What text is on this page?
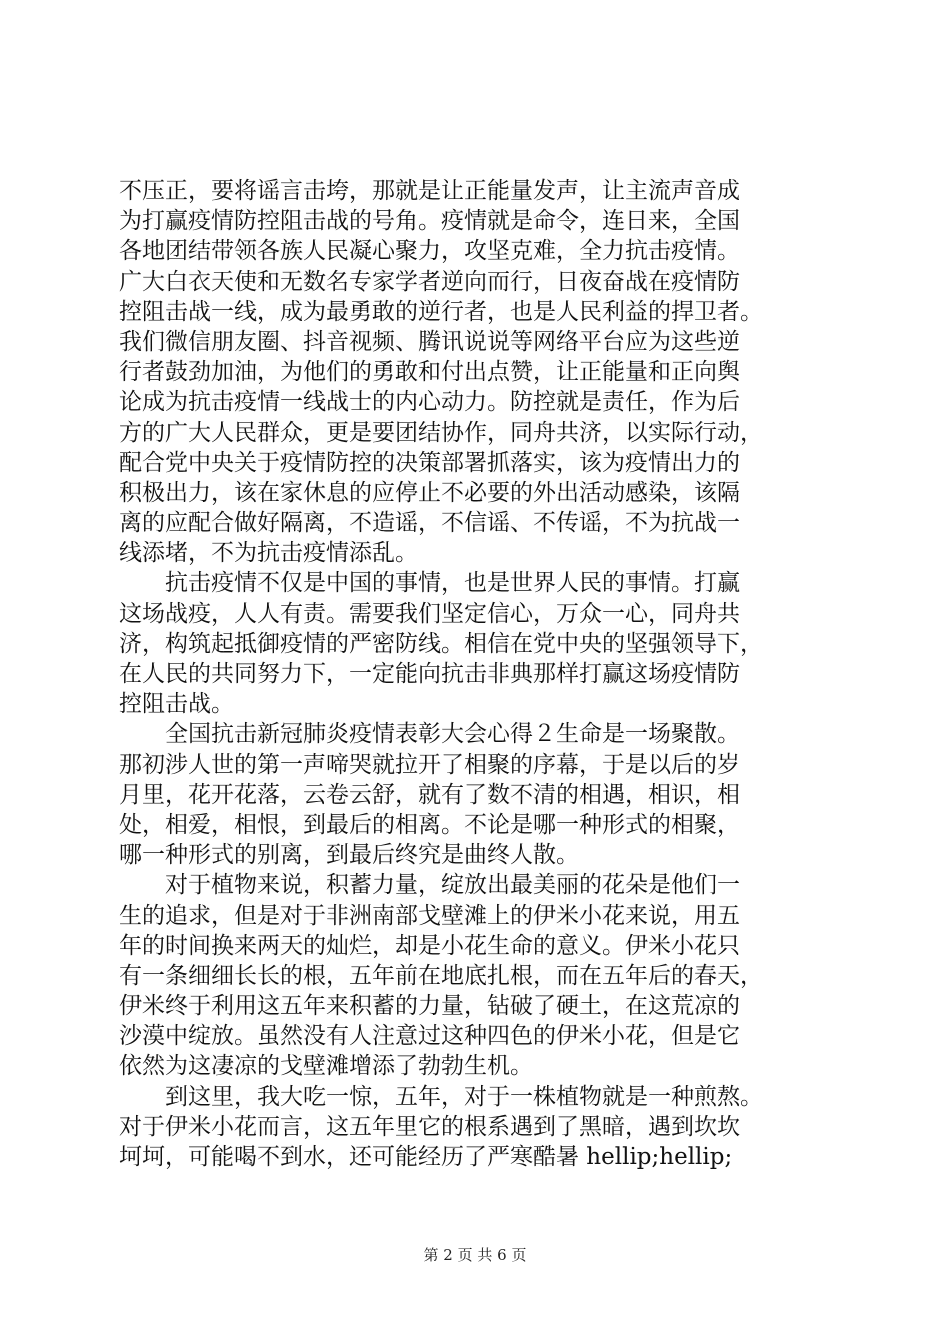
不压正，要将谣言击垮，那就是让正能量发声，让主流声音成
为打赢疫情防控阻击战的号角。疫情就是命令，连日来，全国
各地团结带领各族人民凝心聚力，攻坚克难，全力抗击疫情。
广大白衣天使和无数名专家学者逆向而行，日夜奋战在疫情防
控阻击战一线，成为最勇敢的逆行者，也是人民利益的捍卫者。
我们微信朋友圈、抖音视频、腾讯说说等网络平台应为这些逆
行者鼓劲加油，为他们的勇敢和付出点赞，让正能量和正向舆
论成为抗击疫情一线战士的内心动力。防控就是责任，作为后
方的广大人民群众，更是要团结协作，同舟共济，以实际行动，
配合党中央关于疫情防控的决策部署抓落实，该为疫情出力的
积极出力，该在家休息的应停止不必要的外出活动感染，该隔
离的应配合做好隔离，不造谣，不信谣、不传谣，不为抗战一
线添堵，不为抗击疫情添乱。
　　抗击疫情不仅是中国的事情，也是世界人民的事情。打赢
这场战疫，人人有责。需要我们坚定信心，万众一心，同舟共
济，构筑起抵御疫情的严密防线。相信在党中央的坚强领导下，
在人民的共同努力下，一定能向抗击非典那样打赢这场疫情防
控阻击战。
　　全国抗击新冠肺炎疫情表彰大会心得２生命是一场聚散。
那初涉人世的第一声啼哭就拉开了相聚的序幕，于是以后的岁
月里，花开花落，云卷云舒，就有了数不清的相遇，相识，相
处，相爱，相恨，到最后的相离。不论是哪一种形式的相聚，
哪一种形式的别离，到最后终究是曲终人散。
　　对于植物来说，积蓄力量，绽放出最美丽的花朵是他们一
生的追求，但是对于非洲南部戈壁滩上的伊米小花来说，用五
年的时间换来两天的灿烂，却是小花生命的意义。伊米小花只
有一条细细长长的根，五年前在地底扎根，而在五年后的春天，
伊米终于利用这五年来积蓄的力量，钻破了硬土，在这荒凉的
沙漠中绽放。虽然没有人注意过这种四色的伊米小花，但是它
依然为这凄凉的戈壁滩增添了勃勃生机。
　　到这里，我大吃一惊，五年，对于一株植物就是一种煎熬。
对于伊米小花而言，这五年里它的根系遇到了黑暗，遇到坎坎
坷坷，可能喝不到水，还可能经历了严寒酷暑 hellip;hellip;
第 2 页 共 6 页
